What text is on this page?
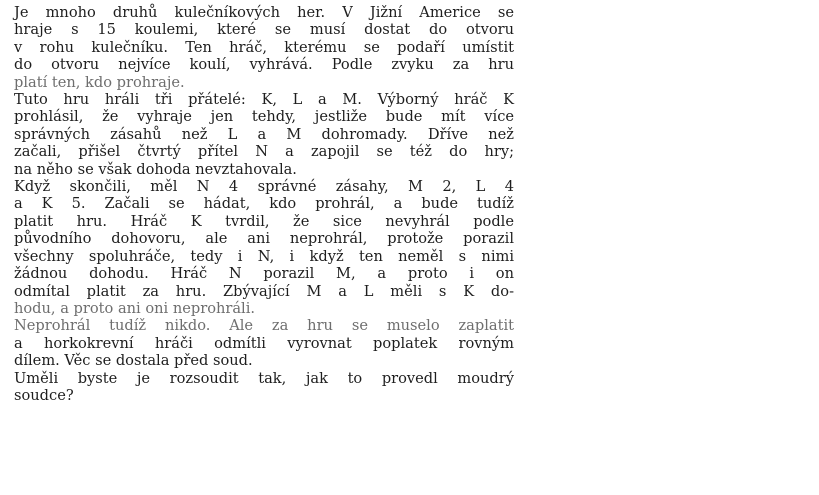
Je mnoho druhů kulečníkových her. V Jižní Americe se
hraje s 15 koulemi, které se musí dostat do otvoru
v rohu kulečníku. Ten hráč, kterému se podaří umístit
do otvoru nejvíce koulí, vyhrává. Podle zvyku za hru
platí ten, kdo prohraje.

Tuto hru hráli tři přátelé: K, L a M. Výborný hráč K
prohlásil, že vyhraje jen tehdy, jestliže bude mít více
správných zásahů než L a M dohromady. Dříve než
začali, přišel čtvrtý přítel N a zapojil se též do hry;
na něho se však dohoda nevztahovala.

Když skončili, měl N 4 správné zásahy, M 2, L 4
a K 5. Začali se hádat, kdo prohrál, a bude tudíž
platit hru. Hráč K tvrdil, že sice nevyhrál podle
původního dohovoru, ale ani neprohrál, protože porazil
všechny spoluhráče, tedy i N, i když ten neměl s nimi
žádnou dohodu. Hráč N porazil M, a proto i on
odmítal platit za hru. Zbývající M a L měli s K do-
hodu, a proto ani oni neprohráli.

Neprohrál tudíž nikdo. Ale za hru se muselo zaplatit
a horkokrevní hráči odmítli vyrovnat poplatek rovným
dílem. Věc se dostala před soud.

Uměli byste je rozsoudit tak, jak to provedl moudrý
soudce?
